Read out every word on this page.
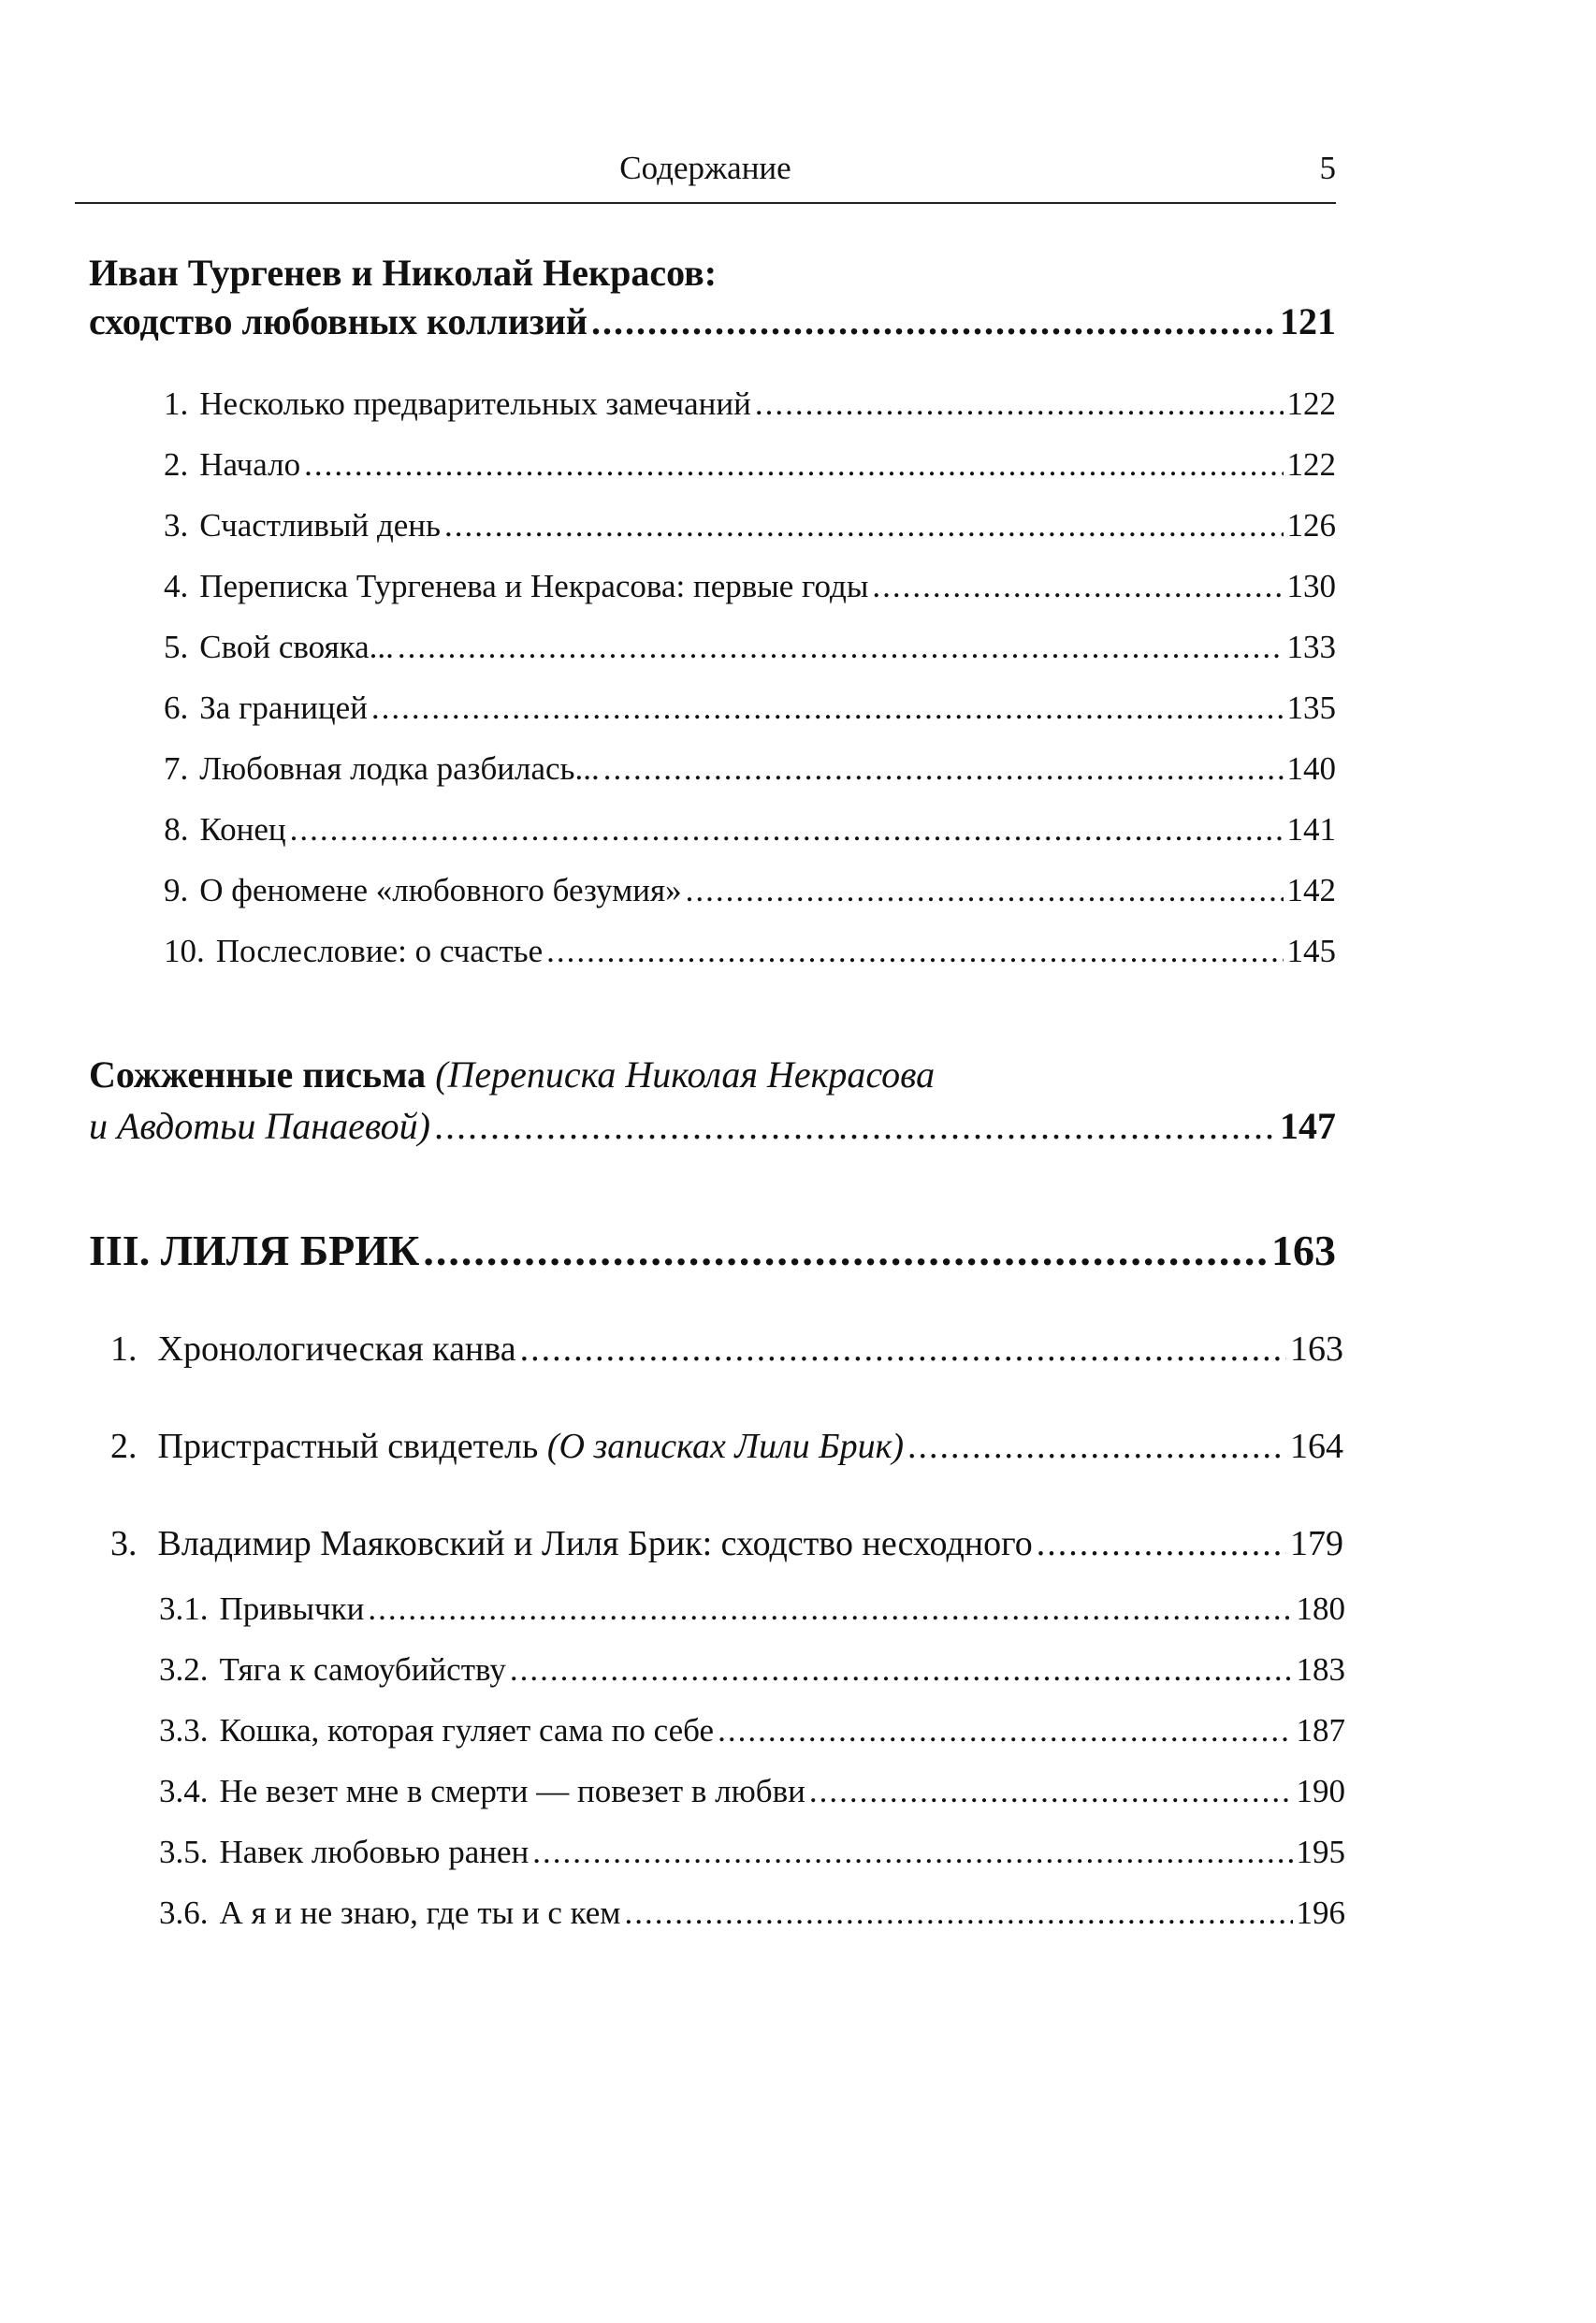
Содержание	5
Иван Тургенев и Николай Некрасов:
сходство любовных коллизий .....	121
1. Несколько предварительных замечаний .....	122
2. Начало .....	122
3. Счастливый день .....	126
4. Переписка Тургенева и Некрасова: первые годы .....	130
5. Свой свояка... .....	133
6. За границей .....	135
7. Любовная лодка разбилась... .....	140
8. Конец .....	141
9. О феномене «любовного безумия» .....	142
10. Послесловие: о счастье .....	145
Сожженные письма (Переписка Николая Некрасова
и Авдотьи Панаевой) .....	147
III. ЛИЛЯ БРИК .....	163
1. Хронологическая канва .....	163
2. Пристрастный свидетель (О записках Лили Брик) .....	164
3. Владимир Маяковский и Лиля Брик: сходство несходного .....	179
3.1. Привычки .....	180
3.2. Тяга к самоубийству .....	183
3.3. Кошка, которая гуляет сама по себе .....	187
3.4. Не везет мне в смерти — повезет в любви .....	190
3.5. Навек любовью ранен .....	195
3.6. А я и не знаю, где ты и с кем .....	196
